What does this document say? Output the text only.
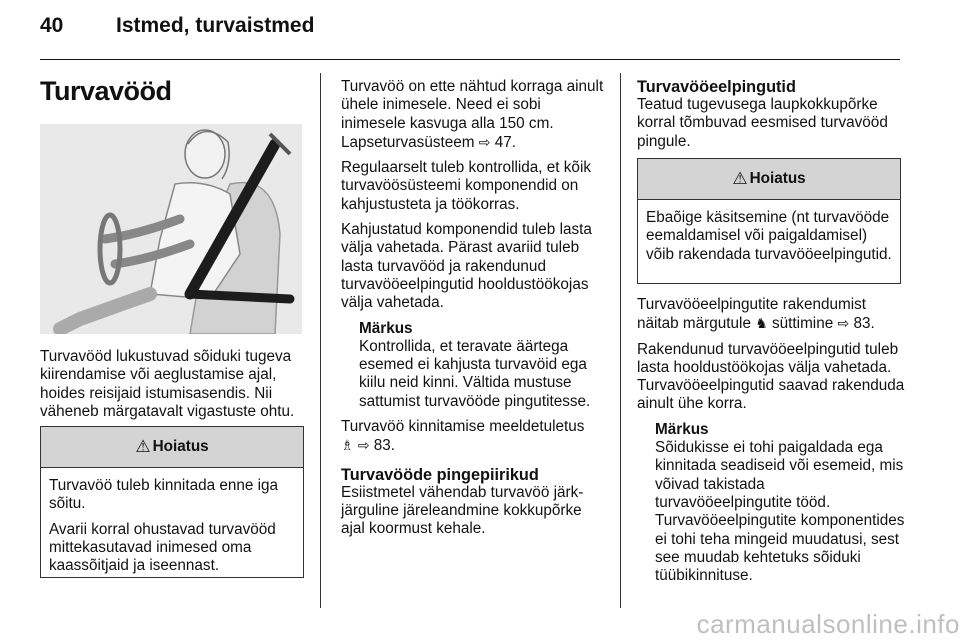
40	Istmed, turvaistmed
Turvavööd

Turvavööd lukustuvad sõiduki tugeva kiirendamise või aeglustamise ajal, hoides reisijaid istumisasendis. Nii väheneb märgatavalt vigastuste ohtu.

⚠ Hoiatus

Turvavöö tuleb kinnitada enne iga sõitu.

Avarii korral ohustavad turvavööd mittekasutavad inimesed oma kaassõitjaid ja iseennast.

Turvavöö on ette nähtud korraga ainult ühele inimesele. Need ei sobi inimesele kasvuga alla 150 cm. Lapseturvasüsteem ⇨ 47.

Regulaarselt tuleb kontrollida, et kõik turvavöösüsteemi komponendid on kahjustusteta ja töökorras.

Kahjustatud komponendid tuleb lasta välja vahetada. Pärast avariid tuleb lasta turvavööd ja rakendunud turvavööeelpingutid hooldustöökojas välja vahetada.

Märkus
Kontrollida, et teravate äärtega esemed ei kahjusta turvavöid ega kiilu neid kinni. Vältida mustuse sattumist turvavööde pingutitesse.

Turvavöö kinnitamise meeldetuletus
♗ ⇨ 83.

Turvavööde pingepiirikud

Esiistmetel vähendab turvavöö järk-järguline järeleandmine kokkupõrke ajal koormust kehale.

Turvavööeelpingutid

Teatud tugevusega laupkokkupõrke korral tõmbuvad eesmised turvavööd pingule.

⚠ Hoiatus

Ebaõige käsitsemine (nt turvavööde eemaldamisel või paigaldamisel) võib rakendada turvavööeelpingutid.

Turvavööeelpingutite rakendumist näitab märgutule ♞ süttimine ⇨ 83.

Rakendunud turvavööeelpingutid tuleb lasta hooldustöökojas välja vahetada. Turvavööeelpingutid saavad rakenduda ainult ühe korra.

Märkus
Sõidukisse ei tohi paigaldada ega kinnitada seadiseid või esemeid, mis võivad takistada turvavööeelpingutite tööd. Turvavööeelpingutite komponentides ei tohi teha mingeid muudatusi, sest see muudab kehtetuks sõiduki tüübikinnituse.
carmanualsonline.info
